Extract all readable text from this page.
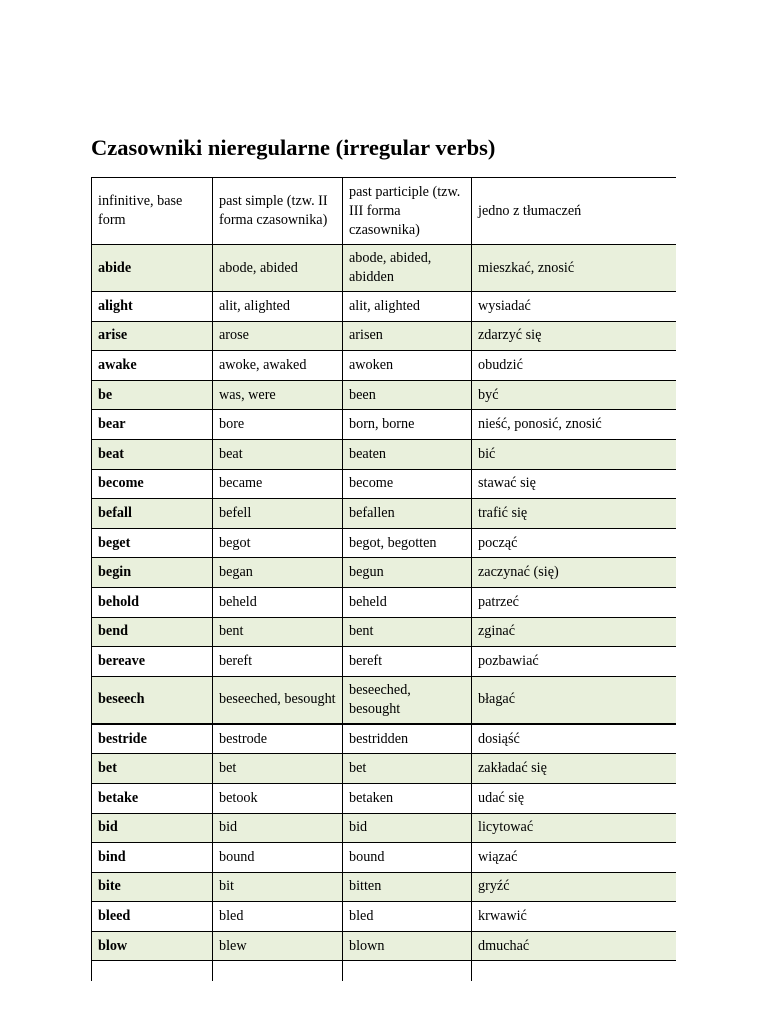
Czasowniki nieregularne (irregular verbs)
infinitive, base form	past simple (tzw. II forma czasownika)	past participle (tzw. III forma czasownika)	jedno z tłumaczeń
abide	abode, abided	abode, abided, abidden	mieszkać, znosić
alight	alit, alighted	alit, alighted	wysiadać
arise	arose	arisen	zdarzyć się
awake	awoke, awaked	awoken	obudzić
be	was, were	been	być
bear	bore	born, borne	nieść, ponosić, znosić
beat	beat	beaten	bić
become	became	become	stawać się
befall	befell	befallen	trafić się
beget	begot	begot, begotten	począć
begin	began	begun	zaczynać (się)
behold	beheld	beheld	patrzeć
bend	bent	bent	zginać
bereave	bereft	bereft	pozbawiać
beseech	beseeched, besought	beseeched, besought	błagać
bestride	bestrode	bestridden	dosiąść
bet	bet	bet	zakładać się
betake	betook	betaken	udać się
bid	bid	bid	licytować
bind	bound	bound	wiązać
bite	bit	bitten	gryźć
bleed	bled	bled	krwawić
blow	blew	blown	dmuchać
